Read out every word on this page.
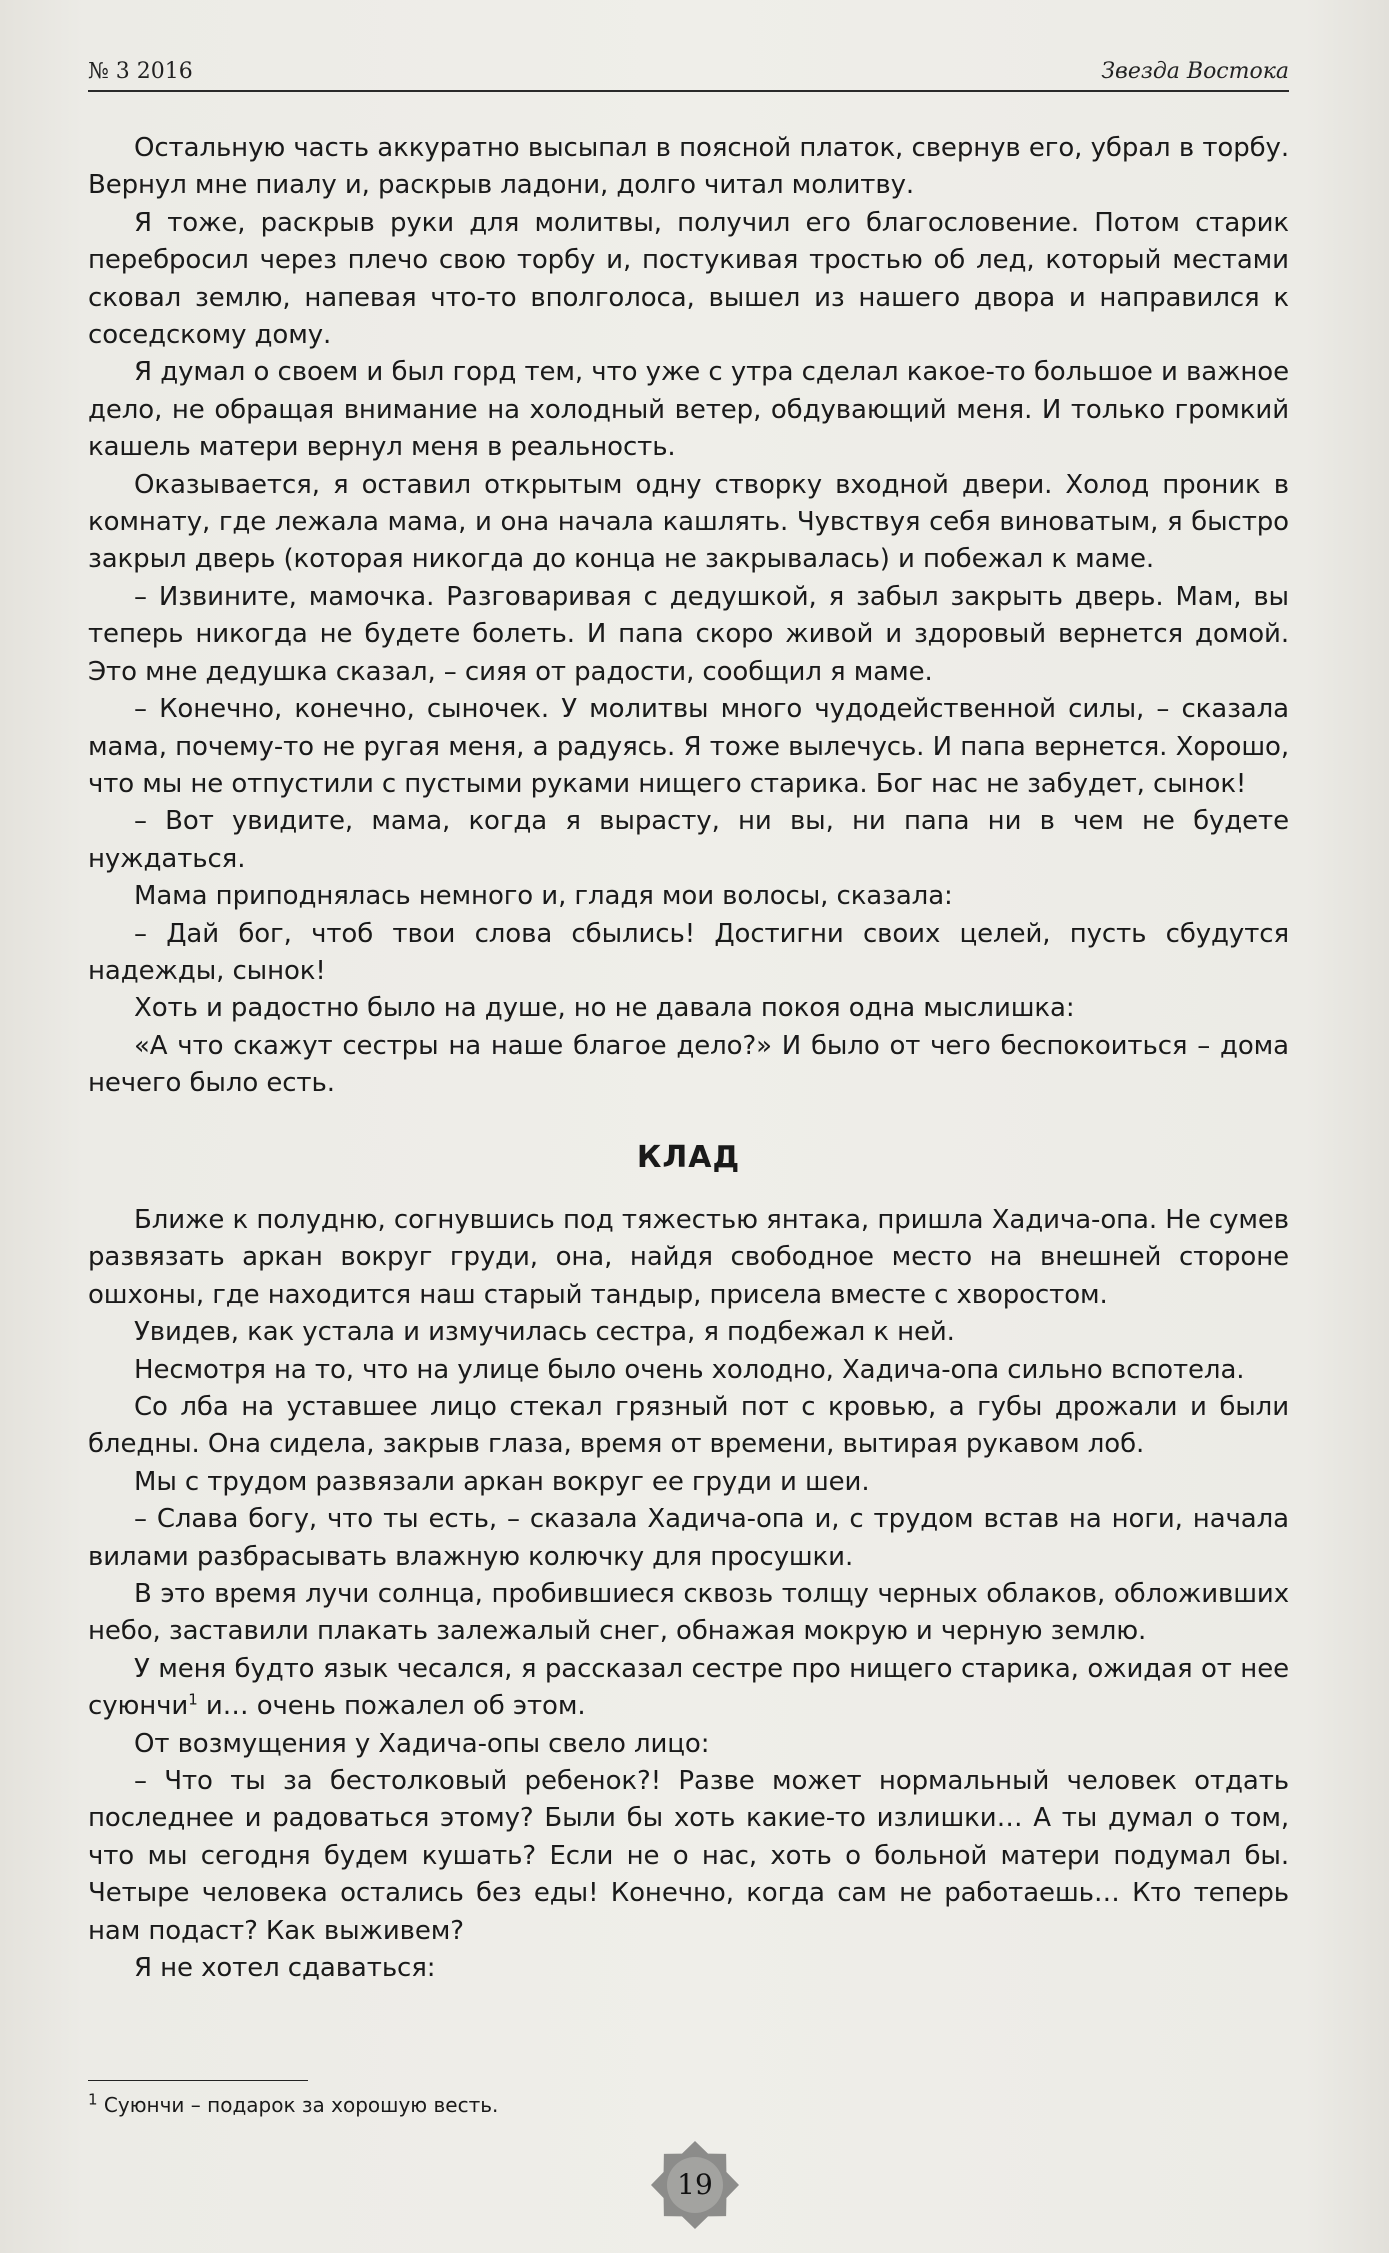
№ 3 2016	Звезда Востока

Остальную часть аккуратно высыпал в поясной платок, свернув его, убрал в торбу. Вернул мне пиалу и, раскрыв ладони, долго читал молитву.

Я тоже, раскрыв руки для молитвы, получил его благословение. Потом старик перебросил через плечо свою торбу и, постукивая тростью об лед, который местами сковал землю, напевая что-то вполголоса, вышел из нашего двора и направился к соседскому дому.

Я думал о своем и был горд тем, что уже с утра сделал какое-то большое и важное дело, не обращая внимание на холодный ветер, обдувающий меня. И только громкий кашель матери вернул меня в реальность.

Оказывается, я оставил открытым одну створку входной двери. Холод проник в комнату, где лежала мама, и она начала кашлять. Чувствуя себя виноватым, я быстро закрыл дверь (которая никогда до конца не закрывалась) и побежал к маме.

– Извините, мамочка. Разговаривая с дедушкой, я забыл закрыть дверь. Мам, вы теперь никогда не будете болеть. И папа скоро живой и здоровый вернется домой. Это мне дедушка сказал, – сияя от радости, сообщил я маме.

– Конечно, конечно, сыночек. У молитвы много чудодейственной силы, – сказала мама, почему-то не ругая меня, а радуясь. Я тоже вылечусь. И папа вернется. Хорошо, что мы не отпустили с пустыми руками нищего старика. Бог нас не забудет, сынок!

– Вот увидите, мама, когда я вырасту, ни вы, ни папа ни в чем не будете нуждаться.

Мама приподнялась немного и, гладя мои волосы, сказала:

– Дай бог, чтоб твои слова сбылись! Достигни своих целей, пусть сбудутся надежды, сынок!

Хоть и радостно было на душе, но не давала покоя одна мыслишка:

«А что скажут сестры на наше благое дело?» И было от чего беспокоиться – дома нечего было есть.

КЛАД

Ближе к полудню, согнувшись под тяжестью янтака, пришла Хадича-опа. Не сумев развязать аркан вокруг груди, она, найдя свободное место на внешней стороне ошхоны, где находится наш старый тандыр, присела вместе с хворостом.

Увидев, как устала и измучилась сестра, я подбежал к ней.

Несмотря на то, что на улице было очень холодно, Хадича-опа сильно вспотела.

Со лба на уставшее лицо стекал грязный пот с кровью, а губы дрожали и были бледны. Она сидела, закрыв глаза, время от времени, вытирая рукавом лоб.

Мы с трудом развязали аркан вокруг ее груди и шеи.

– Слава богу, что ты есть, – сказала Хадича-опа и, с трудом встав на ноги, начала вилами разбрасывать влажную колючку для просушки.

В это время лучи солнца, пробившиеся сквозь толщу черных облаков, обложивших небо, заставили плакать залежалый снег, обнажая мокрую и черную землю.

У меня будто язык чесался, я рассказал сестре про нищего старика, ожидая от нее суюнчи$^1$ и… очень пожалел об этом.

От возмущения у Хадича-опы свело лицо:

– Что ты за бестолковый ребенок?! Разве может нормальный человек отдать последнее и радоваться этому? Были бы хоть какие-то излишки… А ты думал о том, что мы сегодня будем кушать? Если не о нас, хоть о больной матери подумал бы. Четыре человека остались без еды! Конечно, когда сам не работаешь… Кто теперь нам подаст? Как выживем?

Я не хотел сдаваться:

$^1$ Суюнчи – подарок за хорошую весть.
19
